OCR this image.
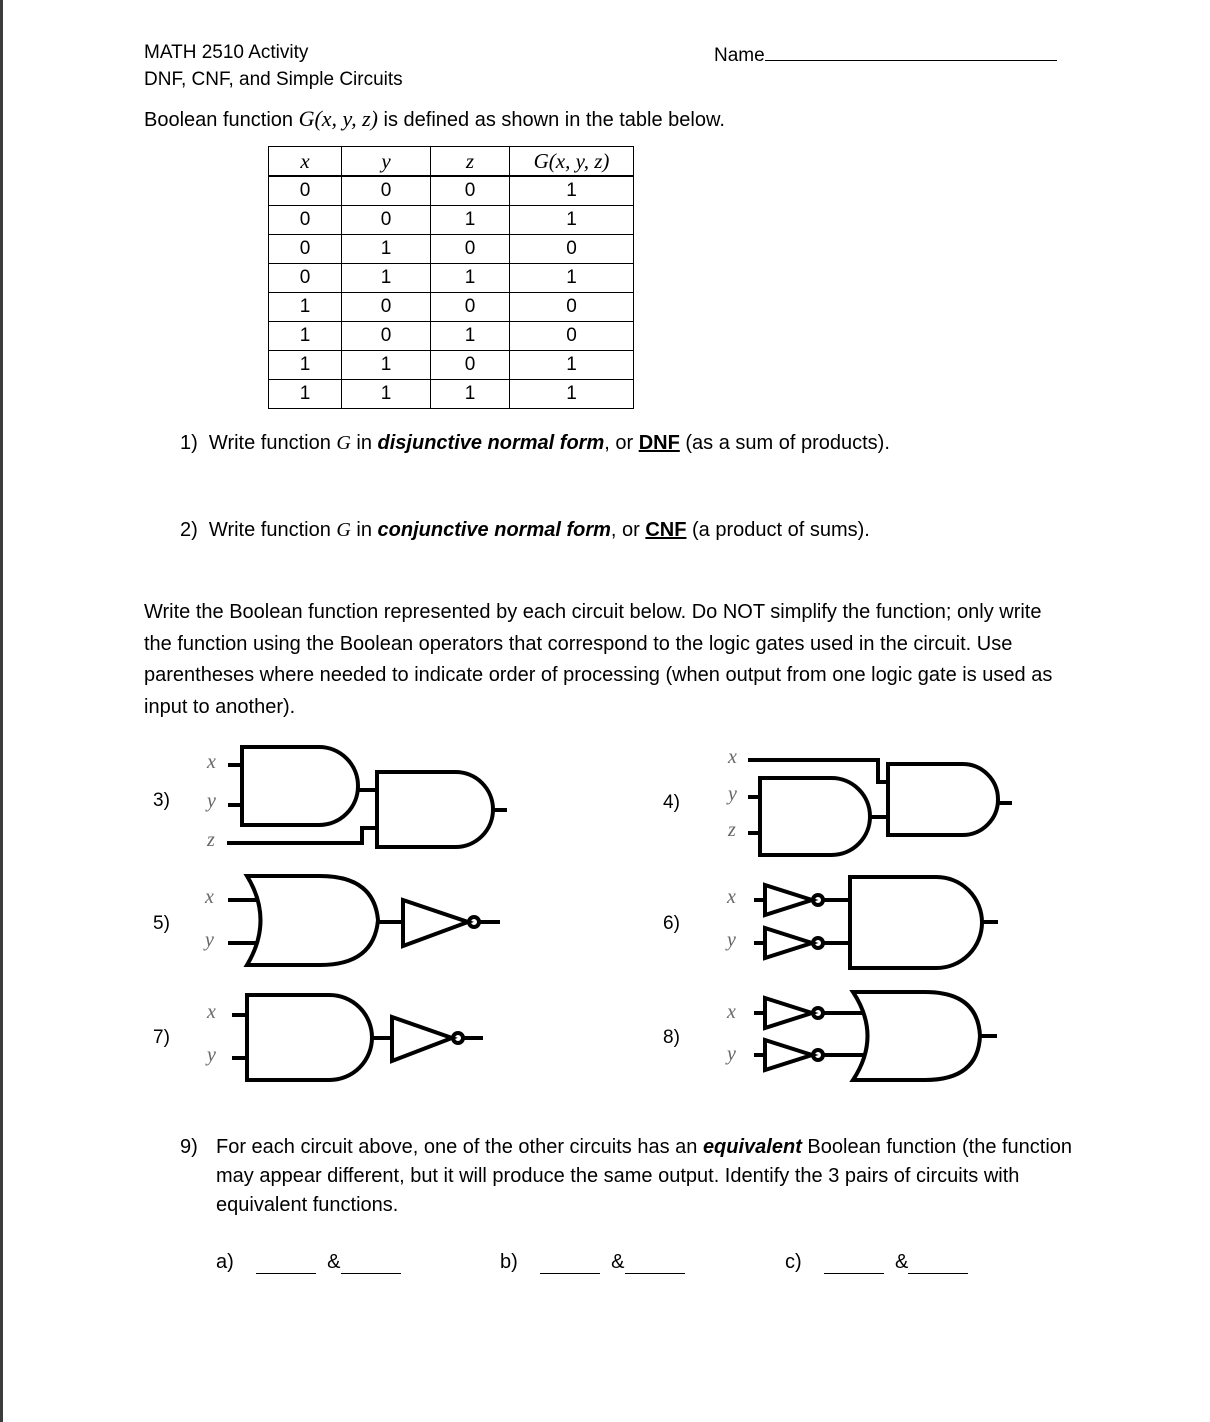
MATH 2510 Activity
DNF, CNF, and Simple Circuits
Name
Boolean function G(x, y, z) is defined as shown in the table below.
x	y	z	G(x, y, z)
0	0	0	1
0	0	1	1
0	1	0	0
0	1	1	1
1	0	0	0
1	0	1	0
1	1	0	1
1	1	1	1
1) Write function G in disjunctive normal form, or DNF (as a sum of products).
2) Write function G in conjunctive normal form, or CNF (a product of sums).
Write the Boolean function represented by each circuit below. Do NOT simplify the function; only write the function using the Boolean operators that correspond to the logic gates used in the circuit. Use parentheses where needed to indicate order of processing (when output from one logic gate is used as input to another).
3)	4)
5)	6)
7)	8)
x
y
z
x
y
z
x
y
x
y
x
y
x
y
9) For each circuit above, one of the other circuits has an equivalent Boolean function (the function may appear different, but it will produce the same output. Identify the 3 pairs of circuits with equivalent functions.
a)	&	b)	&	c)	&
